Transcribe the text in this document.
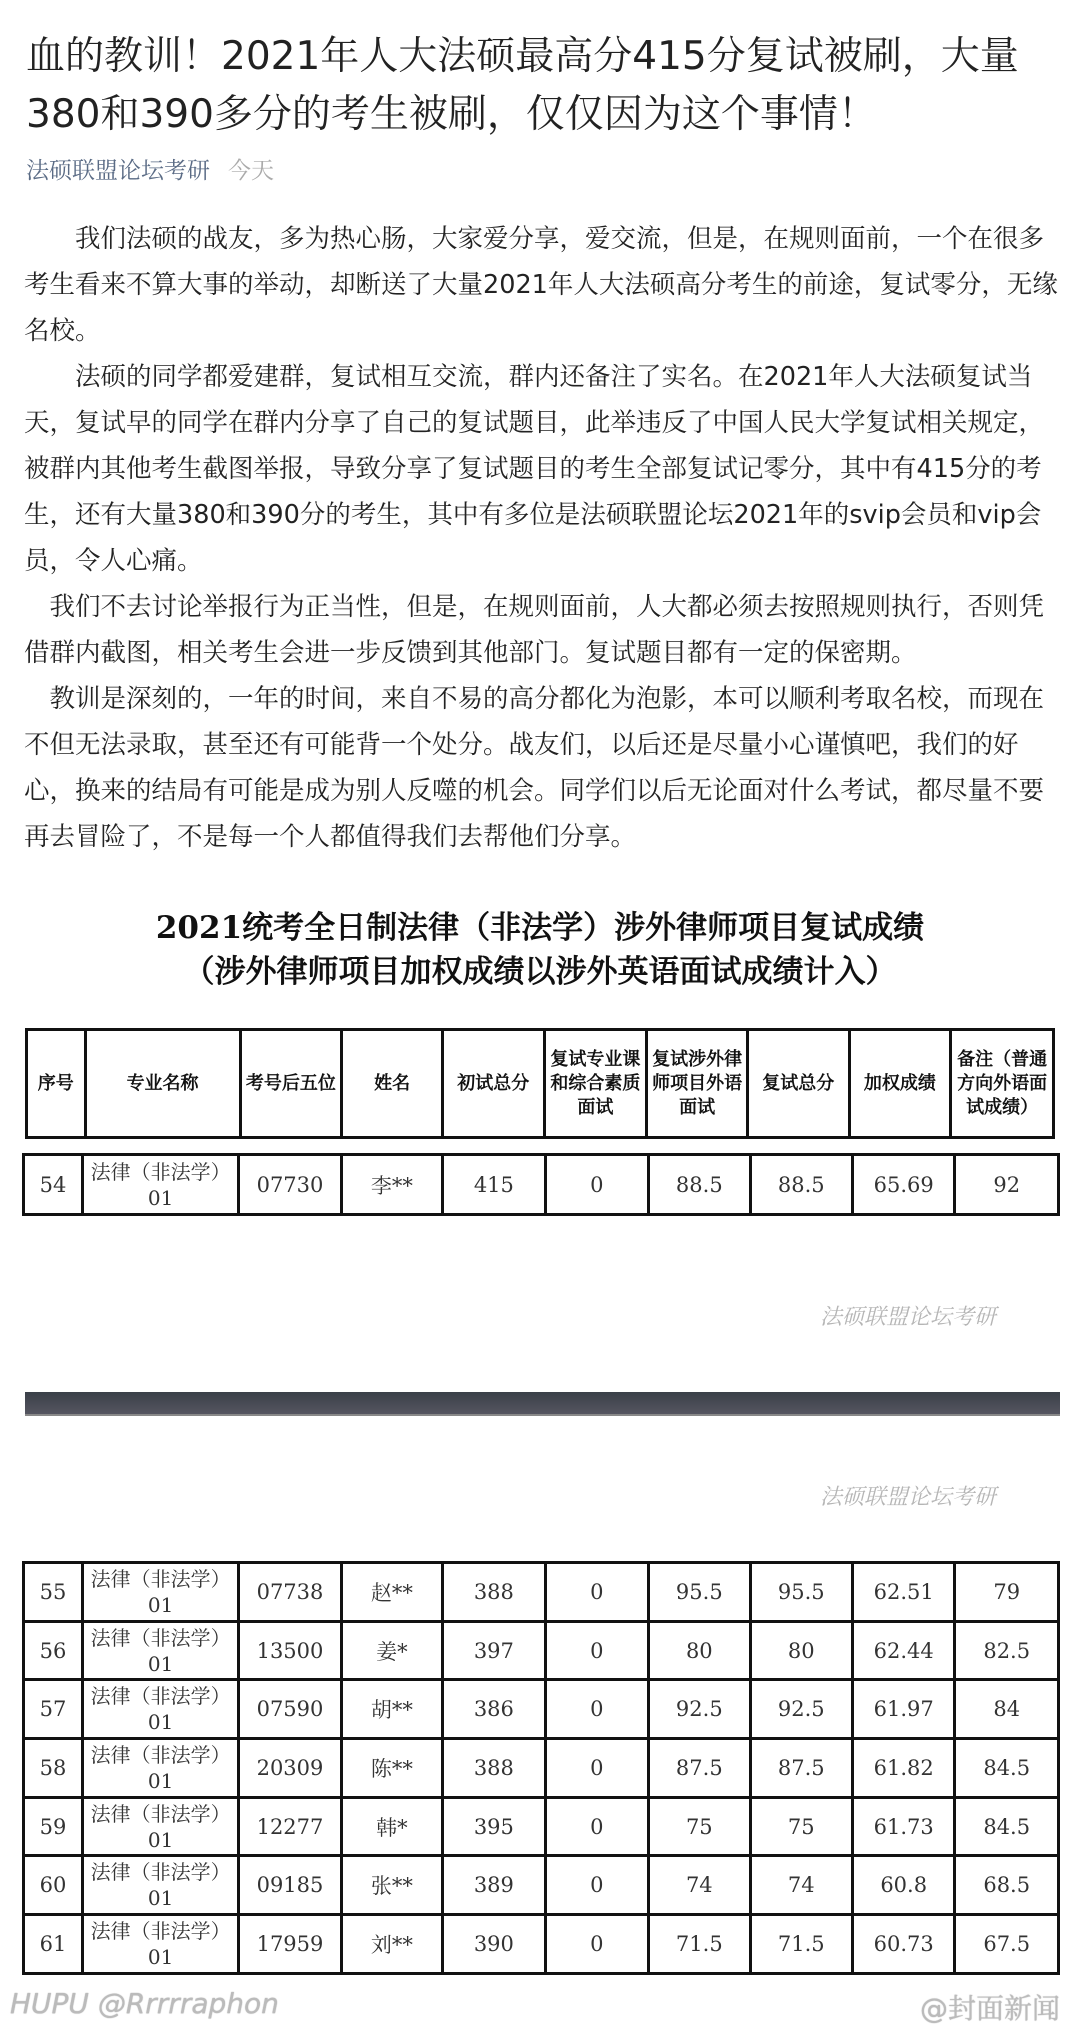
血的教训！2021年人大法硕最高分415分复试被刷，大量380和390多分的考生被刷，仅仅因为这个事情！
法硕联盟论坛考研 今天

　　我们法硕的战友，多为热心肠，大家爱分享，爱交流，但是，在规则面前，一个在很多考生看来不算大事的举动，却断送了大量2021年人大法硕高分考生的前途，复试零分，无缘名校。

　　法硕的同学都爱建群，复试相互交流，群内还备注了实名。在2021年人大法硕复试当天，复试早的同学在群内分享了自己的复试题目，此举违反了中国人民大学复试相关规定，被群内其他考生截图举报，导致分享了复试题目的考生全部复试记零分，其中有415分的考生，还有大量380和390分的考生，其中有多位是法硕联盟论坛2021年的svip会员和vip会员，令人心痛。

　我们不去讨论举报行为正当性，但是，在规则面前，人大都必须去按照规则执行，否则凭借群内截图，相关考生会进一步反馈到其他部门。复试题目都有一定的保密期。

　教训是深刻的，一年的时间，来自不易的高分都化为泡影，本可以顺利考取名校，而现在不但无法录取，甚至还有可能背一个处分。战友们，以后还是尽量小心谨慎吧，我们的好心，换来的结局有可能是成为别人反噬的机会。同学们以后无论面对什么考试，都尽量不要再去冒险了，不是每一个人都值得我们去帮他们分享。

2021统考全日制法律（非法学）涉外律师项目复试成绩
（涉外律师项目加权成绩以涉外英语面试成绩计入）
序号	专业名称	考号后五位	姓名	初试总分	复试专业课和综合素质面试	复试涉外律师项目外语面试	复试总分	加权成绩	备注（普通方向外语面试成绩）
54	法律（非法学）01	07730	李**	415	0	88.5	88.5	65.69	92
法硕联盟论坛考研
法硕联盟论坛考研
55	法律（非法学）01	07738	赵**	388	0	95.5	95.5	62.51	79
56	法律（非法学）01	13500	姜*	397	0	80	80	62.44	82.5
57	法律（非法学）01	07590	胡**	386	0	92.5	92.5	61.97	84
58	法律（非法学）01	20309	陈**	388	0	87.5	87.5	61.82	84.5
59	法律（非法学）01	12277	韩*	395	0	75	75	61.73	84.5
60	法律（非法学）01	09185	张**	389	0	74	74	60.8	68.5
61	法律（非法学）01	17959	刘**	390	0	71.5	71.5	60.73	67.5
HUPU @Rrrrraphon	@封面新闻
